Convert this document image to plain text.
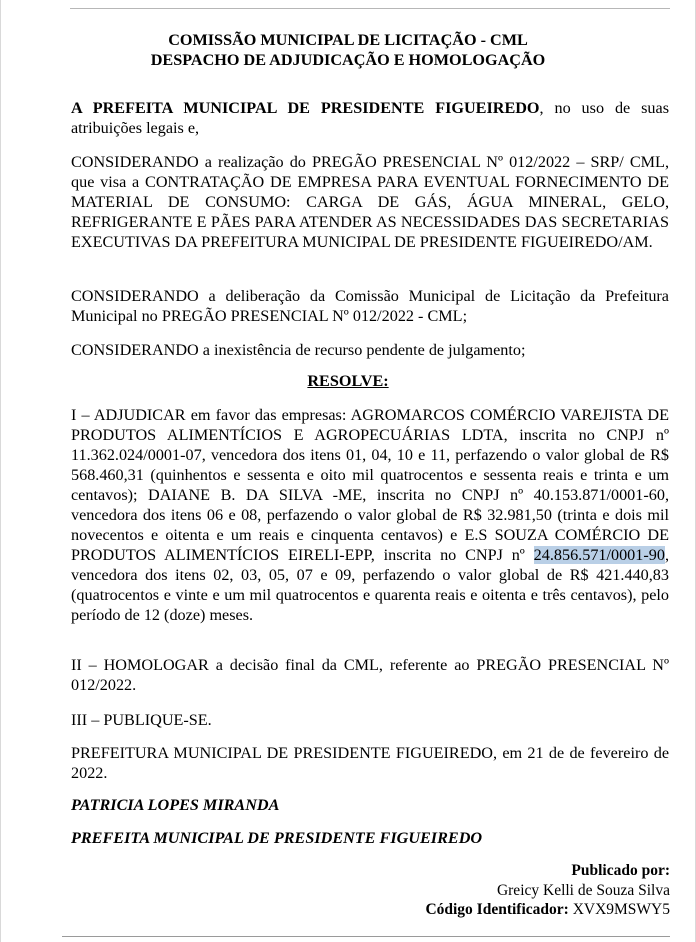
COMISSÃO MUNICIPAL DE LICITAÇÃO - CML
DESPACHO DE ADJUDICAÇÃO E HOMOLOGAÇÃO

A PREFEITA MUNICIPAL DE PRESIDENTE FIGUEIREDO, no uso de suas atribuições legais e,

CONSIDERANDO a realização do PREGÃO PRESENCIAL Nº 012/2022 – SRP/ CML, que visa a CONTRATAÇÃO DE EMPRESA PARA EVENTUAL FORNECIMENTO DE MATERIAL DE CONSUMO: CARGA DE GÁS, ÁGUA MINERAL, GELO, REFRIGERANTE E PÃES PARA ATENDER AS NECESSIDADES DAS SECRETARIAS EXECUTIVAS DA PREFEITURA MUNICIPAL DE PRESIDENTE FIGUEIREDO/AM.

CONSIDERANDO a deliberação da Comissão Municipal de Licitação da Prefeitura Municipal no PREGÃO PRESENCIAL Nº 012/2022 - CML;

CONSIDERANDO a inexistência de recurso pendente de julgamento;

RESOLVE:

I – ADJUDICAR em favor das empresas: AGROMARCOS COMÉRCIO VAREJISTA DE PRODUTOS ALIMENTÍCIOS E AGROPECUÁRIAS LDTA, inscrita no CNPJ nº 11.362.024/0001-07, vencedora dos itens 01, 04, 10 e 11, perfazendo o valor global de R$ 568.460,31 (quinhentos e sessenta e oito mil quatrocentos e sessenta reais e trinta e um centavos); DAIANE B. DA SILVA -ME, inscrita no CNPJ nº 40.153.871/0001-60, vencedora dos itens 06 e 08, perfazendo o valor global de R$ 32.981,50 (trinta e dois mil novecentos e oitenta e um reais e cinquenta centavos) e E.S SOUZA COMÉRCIO DE PRODUTOS ALIMENTÍCIOS EIRELI-EPP, inscrita no CNPJ nº 24.856.571/0001-90, vencedora dos itens 02, 03, 05, 07 e 09, perfazendo o valor global de R$ 421.440,83 (quatrocentos e vinte e um mil quatrocentos e quarenta reais e oitenta e três centavos), pelo período de 12 (doze) meses.

II – HOMOLOGAR a decisão final da CML, referente ao PREGÃO PRESENCIAL Nº 012/2022.

III – PUBLIQUE-SE.

PREFEITURA MUNICIPAL DE PRESIDENTE FIGUEIREDO, em 21 de de fevereiro de 2022.

PATRICIA LOPES MIRANDA
PREFEITA MUNICIPAL DE PRESIDENTE FIGUEIREDO
Publicado por:
Greicy Kelli de Souza Silva
Código Identificador: XVX9MSWY5
